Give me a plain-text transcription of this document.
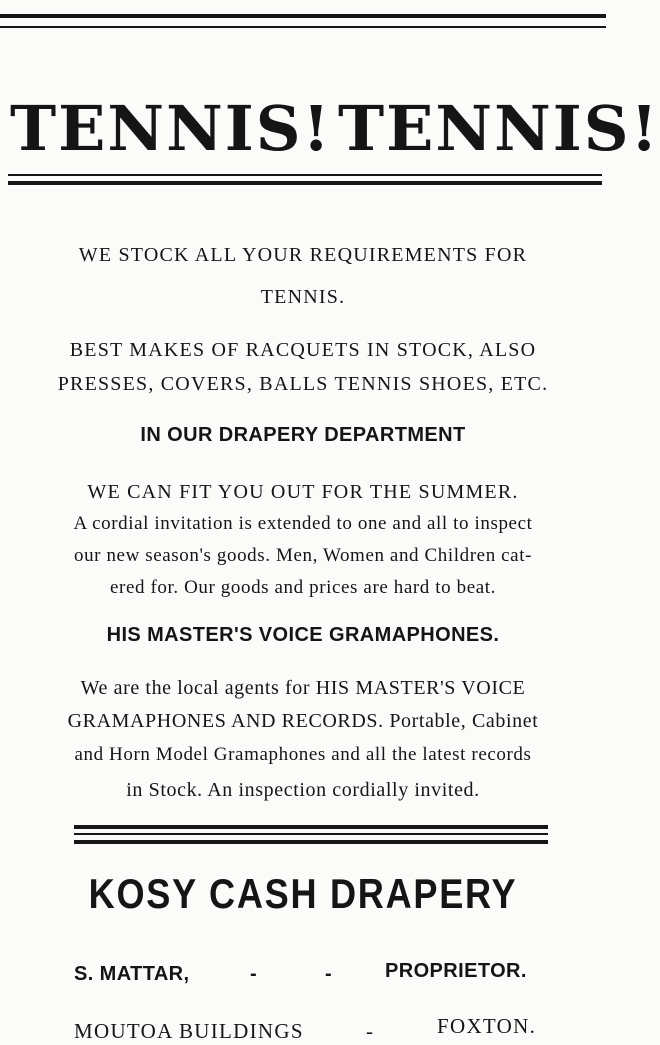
TENNIS! TENNIS!

WE STOCK ALL YOUR REQUIREMENTS FOR

TENNIS.

BEST MAKES OF RACQUETS IN STOCK, ALSO

PRESSES, COVERS, BALLS TENNIS SHOES, ETC.

IN OUR DRAPERY DEPARTMENT

WE CAN FIT YOU OUT FOR THE SUMMER.

A cordial invitation is extended to one and all to inspect

our new season's goods. Men, Women and Children cat-

ered for. Our goods and prices are hard to beat.

HIS MASTER'S VOICE GRAMAPHONES.

We are the local agents for HIS MASTER'S VOICE

GRAMAPHONES AND RECORDS. Portable, Cabinet

and Horn Model Gramaphones and all the latest records

in Stock. An inspection cordially invited.

KOSY CASH DRAPERY

S. MATTAR,	-	-	PROPRIETOR.

MOUTOA BUILDINGS	-	FOXTON.
